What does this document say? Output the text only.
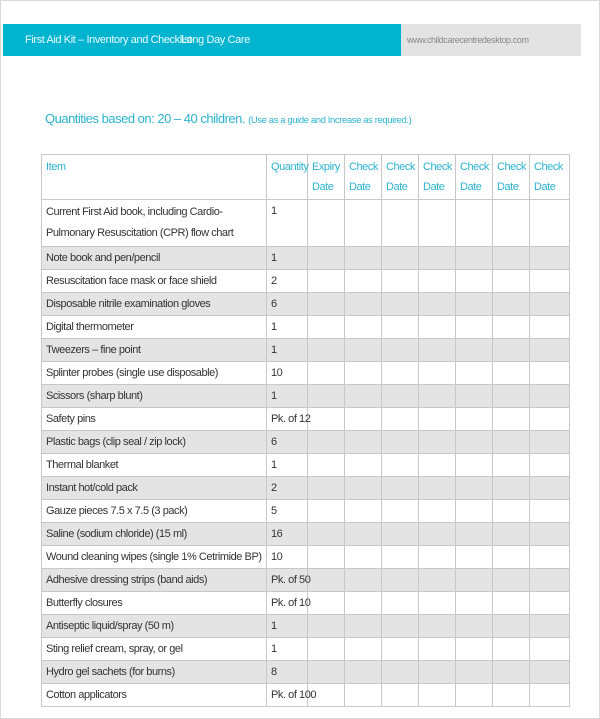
First Aid Kit – Inventory and Checklist
Long Day Care	www.childcarecentredesktop.com
Quantities based on: 20 – 40 children. (Use as a guide and Increase as required.)
Item	Quantity	Expiry Date	Check Date	Check Date	Check Date	Check Date	Check Date	Check Date
Current First Aid book, including Cardio-Pulmonary Resuscitation (CPR) flow chart	1							
Note book and pen/pencil	1							
Resuscitation face mask or face shield	2							
Disposable nitrile examination gloves	6							
Digital thermometer	1							
Tweezers – fine point	1							
Splinter probes (single use disposable)	10							
Scissors (sharp blunt)	1							
Safety pins	Pk. of 12							
Plastic bags (clip seal / zip lock)	6							
Thermal blanket	1							
Instant hot/cold pack	2							
Gauze pieces 7.5 x 7.5 (3 pack)	5							
Saline (sodium chloride) (15 ml)	16							
Wound cleaning wipes (single 1% Cetrimide BP)	10							
Adhesive dressing strips (band aids)	Pk. of 50							
Butterfly closures	Pk. of 10							
Antiseptic liquid/spray (50 m)	1							
Sting relief cream, spray, or gel	1							
Hydro gel sachets (for burns)	8							
Cotton applicators	Pk. of 100							
